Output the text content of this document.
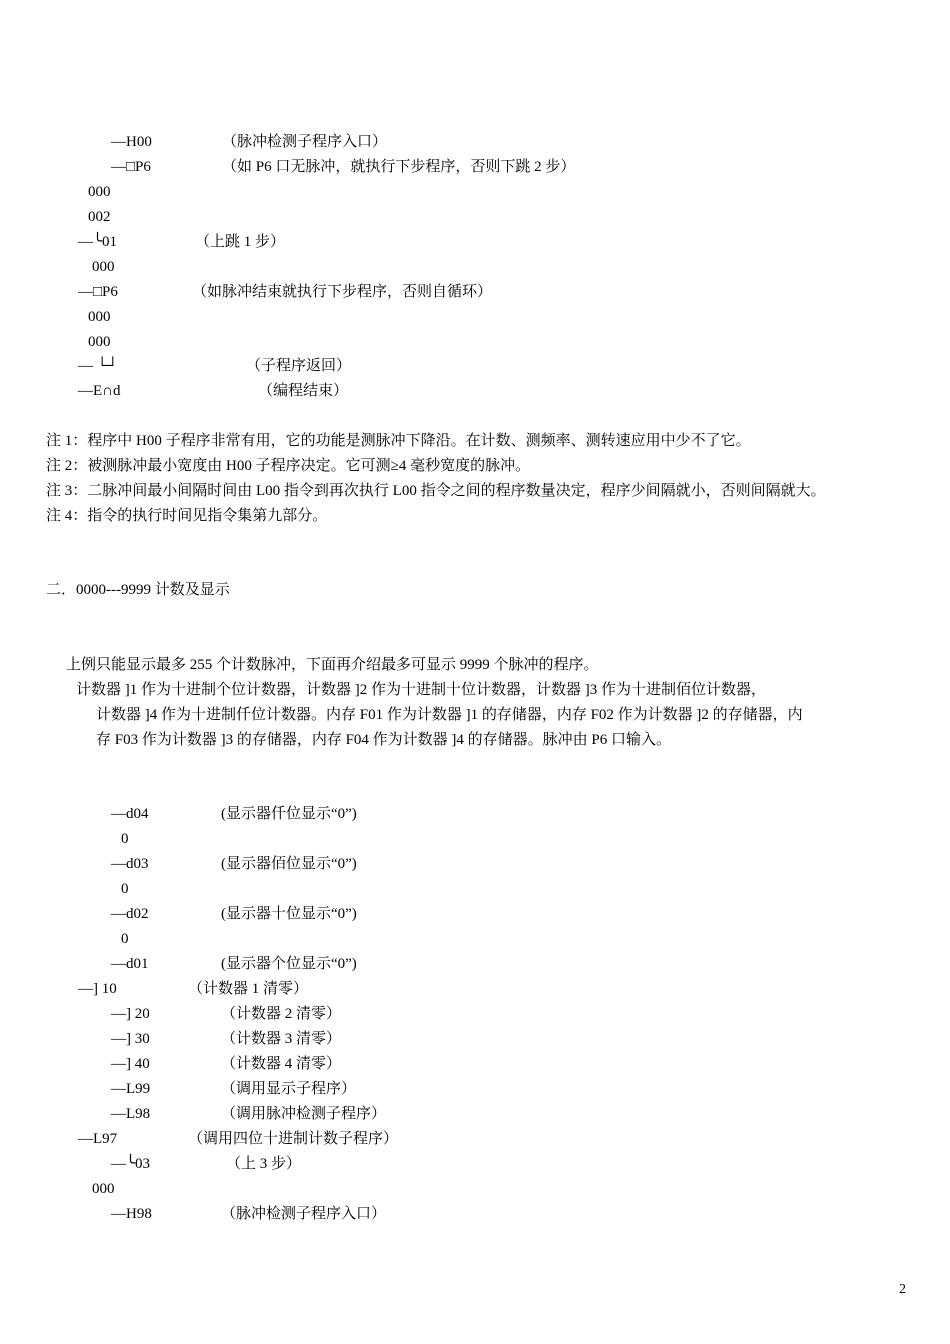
—H00	（脉冲检测子程序入口）
—□P6	（如 P6 口无脉冲，就执行下步程序，否则下跳 2 步）
000
002
—╰01	（上跳 1 步）
000
—□P6	（如脉冲结束就执行下步程序，否则自循环）
000
000
— └┘	（子程序返回）
—E∩d	（编程结束）
注 1：程序中 H00 子程序非常有用，它的功能是测脉冲下降沿。在计数、测频率、测转速应用中少不了它。
注 2：被测脉冲最小宽度由 H00 子程序决定。它可测≥4 毫秒宽度的脉冲。
注 3：二脉冲间最小间隔时间由 L00 指令到再次执行 L00 指令之间的程序数量决定，程序少间隔就小，否则间隔就大。
注 4：指令的执行时间见指令集第九部分。
二．0000---9999 计数及显示
上例只能显示最多 255 个计数脉冲，下面再介绍最多可显示 9999 个脉冲的程序。
计数器 ]1 作为十进制个位计数器，计数器 ]2 作为十进制十位计数器，计数器 ]3 作为十进制佰位计数器，
计数器 ]4 作为十进制仟位计数器。内存 F01 作为计数器 ]1 的存储器，内存 F02 作为计数器 ]2 的存储器，内
存 F03 作为计数器 ]3 的存储器，内存 F04 作为计数器 ]4 的存储器。脉冲由 P6 口输入。
—d04	(显示器仟位显示“0”)
0
—d03	(显示器佰位显示“0”)
0
—d02	(显示器十位显示“0”)
0
—d01	(显示器个位显示“0”)
—] 10	（计数器 1 清零）
—] 20	（计数器 2 清零）
—] 30	（计数器 3 清零）
—] 40	（计数器 4 清零）
—L99	（调用显示子程序）
—L98	（调用脉冲检测子程序）
—L97	（调用四位十进制计数子程序）
—╰03	（上 3 步）
000
—H98	（脉冲检测子程序入口）
2
